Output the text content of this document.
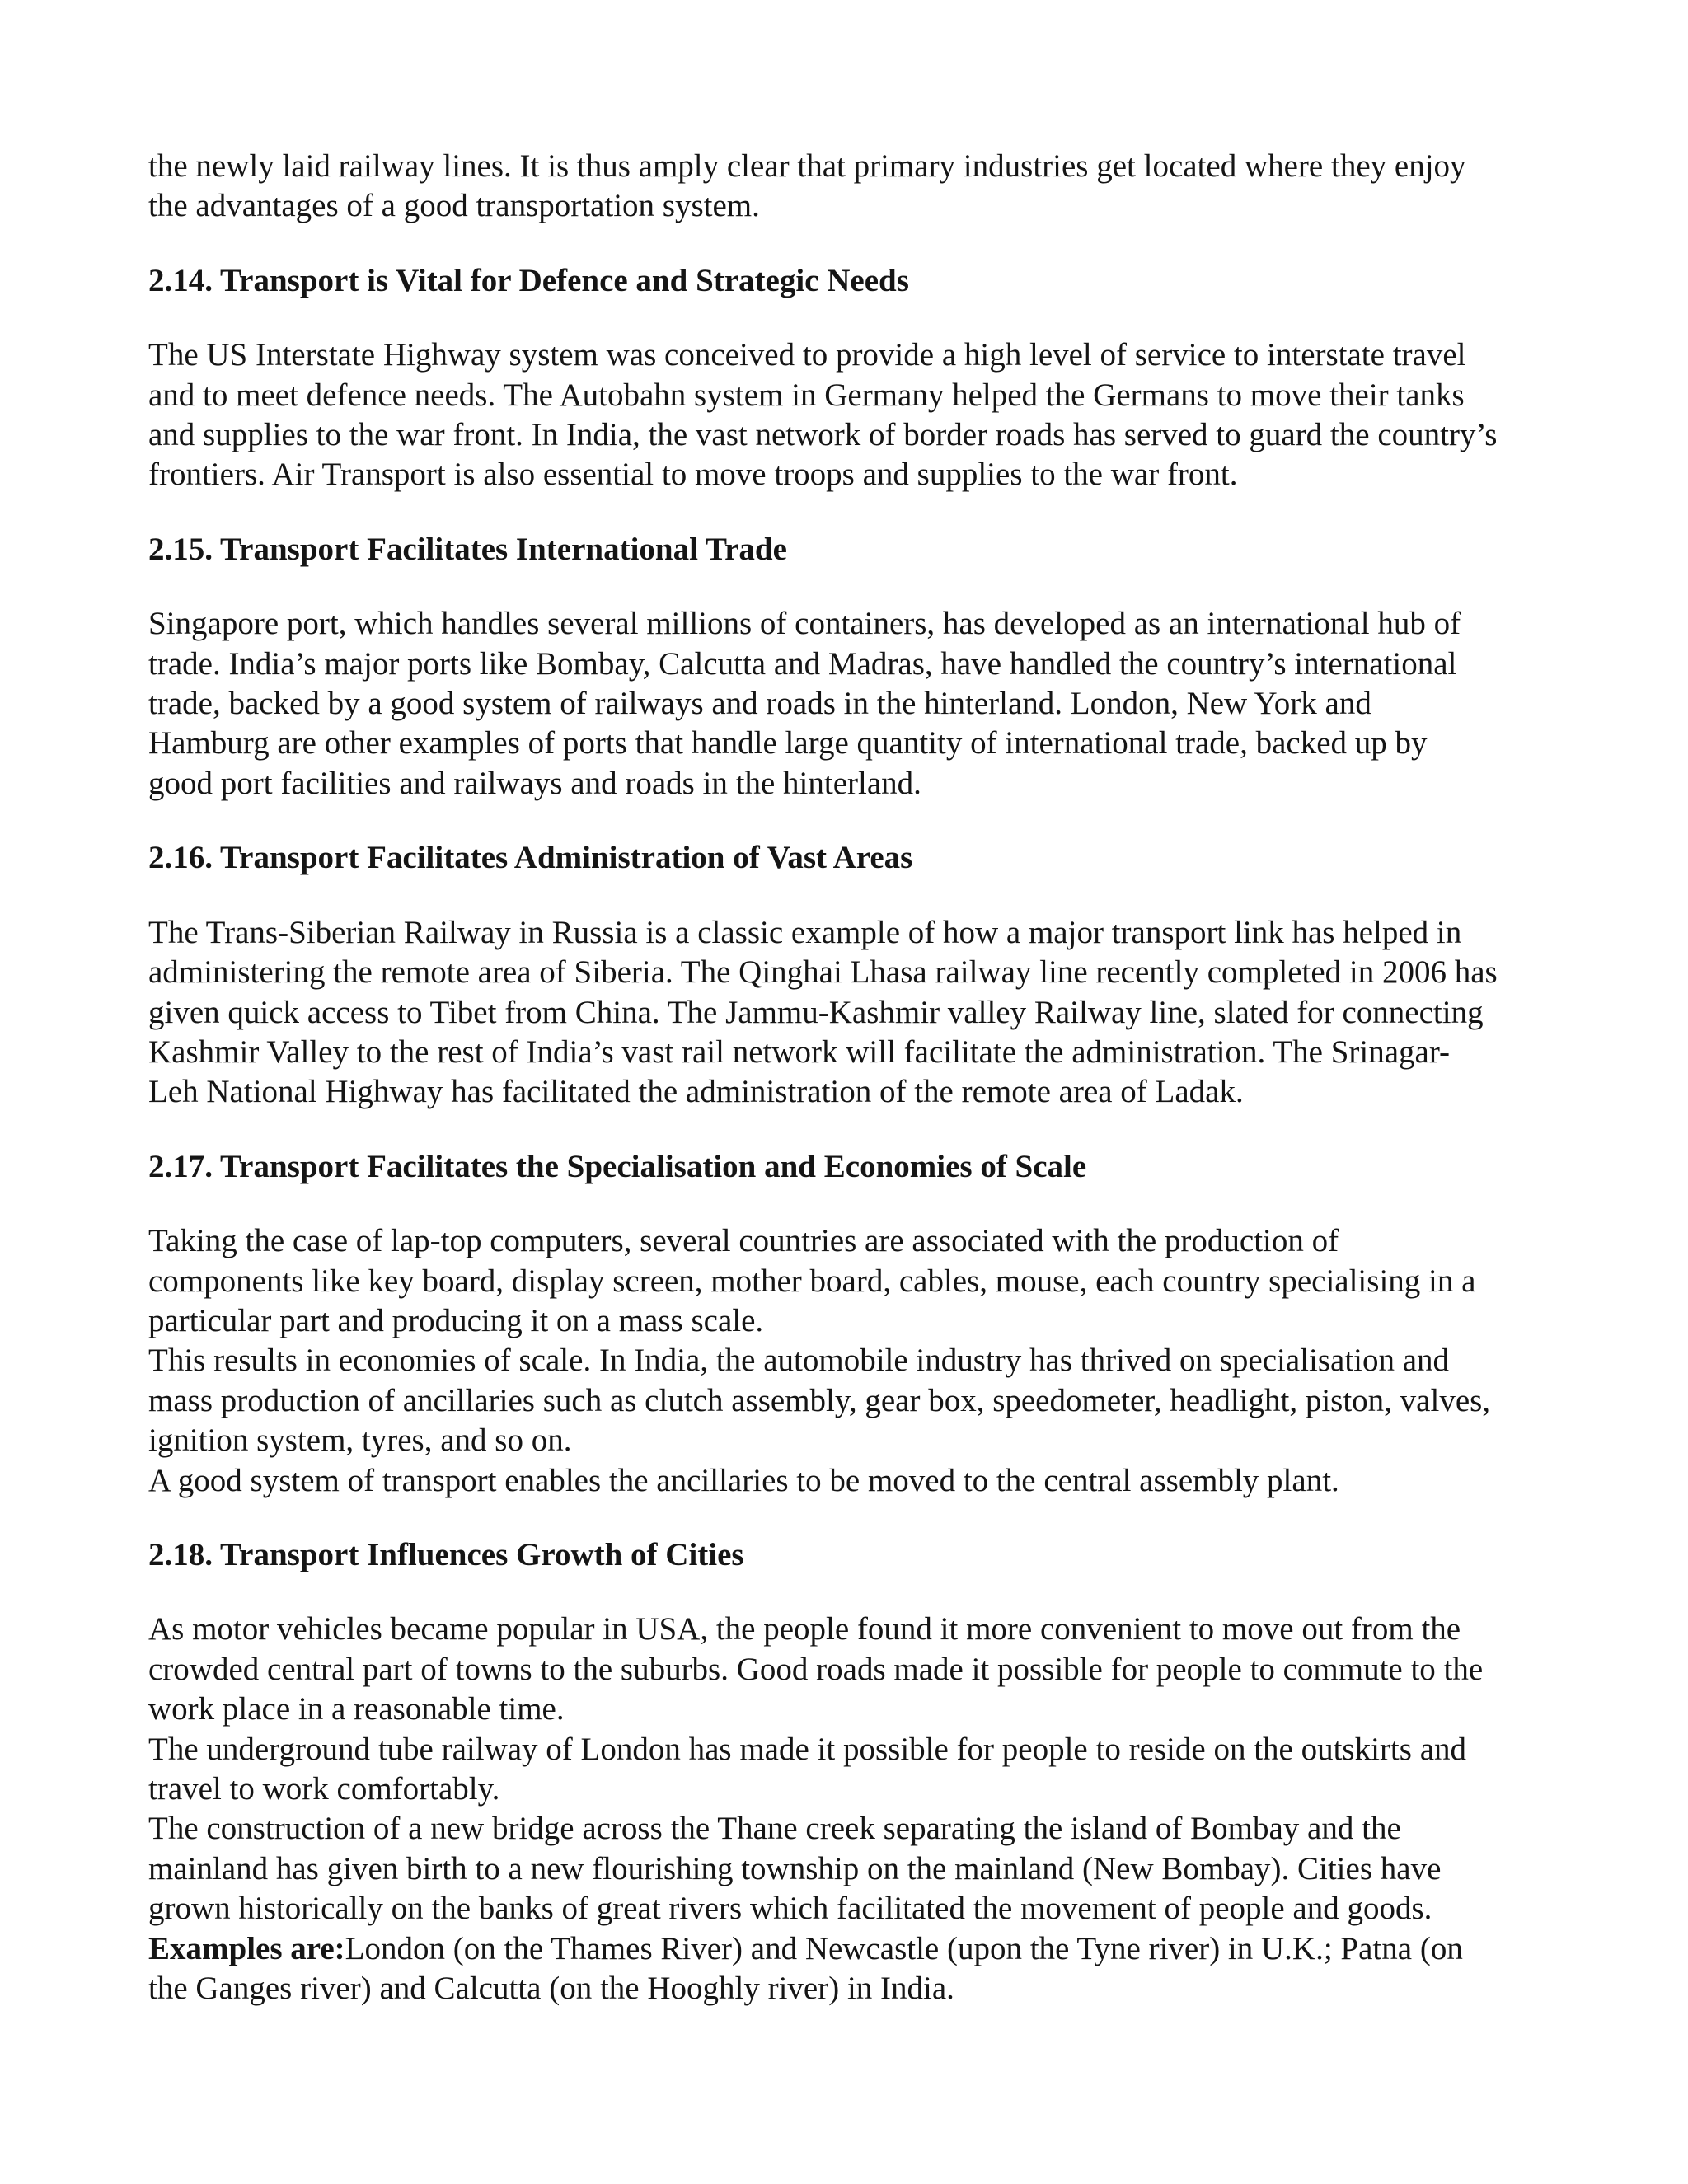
the newly laid railway lines. It is thus amply clear that primary industries get located where they enjoy
the advantages of a good transportation system.

2.14. Transport is Vital for Defence and Strategic Needs

The US Interstate Highway system was conceived to provide a high level of service to interstate travel
and to meet defence needs. The Autobahn system in Germany helped the Germans to move their tanks
and supplies to the war front. In India, the vast network of border roads has served to guard the country’s
frontiers. Air Transport is also essential to move troops and supplies to the war front.

2.15. Transport Facilitates International Trade

Singapore port, which handles several millions of containers, has developed as an international hub of
trade. India’s major ports like Bombay, Calcutta and Madras, have handled the country’s international
trade, backed by a good system of railways and roads in the hinterland. London, New York and
Hamburg are other examples of ports that handle large quantity of international trade, backed up by
good port facilities and railways and roads in the hinterland.

2.16. Transport Facilitates Administration of Vast Areas

The Trans-Siberian Railway in Russia is a classic example of how a major transport link has helped in
administering the remote area of Siberia. The Qinghai Lhasa railway line recently completed in 2006 has
given quick access to Tibet from China. The Jammu-Kashmir valley Railway line, slated for connecting
Kashmir Valley to the rest of India’s vast rail network will facilitate the administration. The Srinagar-
Leh National Highway has facilitated the administration of the remote area of Ladak.

2.17. Transport Facilitates the Specialisation and Economies of Scale

Taking the case of lap-top computers, several countries are associated with the production of
components like key board, display screen, mother board, cables, mouse, each country specialising in a
particular part and producing it on a mass scale.

This results in economies of scale. In India, the automobile industry has thrived on specialisation and
mass production of ancillaries such as clutch assembly, gear box, speedometer, headlight, piston, valves,
ignition system, tyres, and so on.

A good system of transport enables the ancillaries to be moved to the central assembly plant.

2.18. Transport Influences Growth of Cities

As motor vehicles became popular in USA, the people found it more convenient to move out from the
crowded central part of towns to the suburbs. Good roads made it possible for people to commute to the
work place in a reasonable time.

The underground tube railway of London has made it possible for people to reside on the outskirts and
travel to work comfortably.

The construction of a new bridge across the Thane creek separating the island of Bombay and the
mainland has given birth to a new flourishing township on the mainland (New Bombay). Cities have
grown historically on the banks of great rivers which facilitated the movement of people and goods.

Examples are:London (on the Thames River) and Newcastle (upon the Tyne river) in U.K.; Patna (on
the Ganges river) and Calcutta (on the Hooghly river) in India.
